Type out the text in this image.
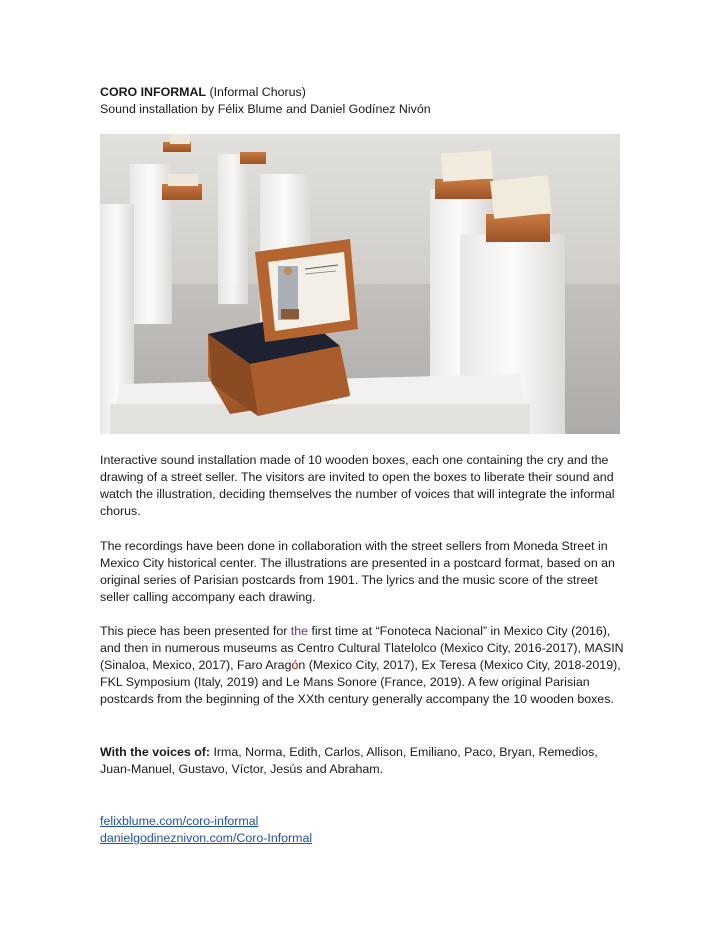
CORO INFORMAL (Informal Chorus)
Sound installation by Félix Blume and Daniel Godínez Nivón
Interactive sound installation made of 10 wooden boxes, each one containing the cry and the drawing of a street seller. The visitors are invited to open the boxes to liberate their sound and watch the illustration, deciding themselves the number of voices that will integrate the informal chorus.
The recordings have been done in collaboration with the street sellers from Moneda Street in Mexico City historical center. The illustrations are presented in a postcard format, based on an original series of Parisian postcards from 1901. The lyrics and the music score of the street seller calling accompany each drawing.
This piece has been presented for the first time at “Fonoteca Nacional” in Mexico City (2016), and then in numerous museums as Centro Cultural Tlatelolco (Mexico City, 2016-2017), MASIN (Sinaloa, Mexico, 2017), Faro Aragón (Mexico City, 2017), Ex Teresa (Mexico City, 2018-2019), FKL Symposium (Italy, 2019) and Le Mans Sonore (France, 2019). A few original Parisian postcards from the beginning of the XXth century generally accompany the 10 wooden boxes.
With the voices of: Irma, Norma, Edith, Carlos, Allison, Emiliano, Paco, Bryan, Remedios, Juan-Manuel, Gustavo, Víctor, Jesús and Abraham.
felixblume.com/coro-informal
danielgodineznivon.com/Coro-Informal
